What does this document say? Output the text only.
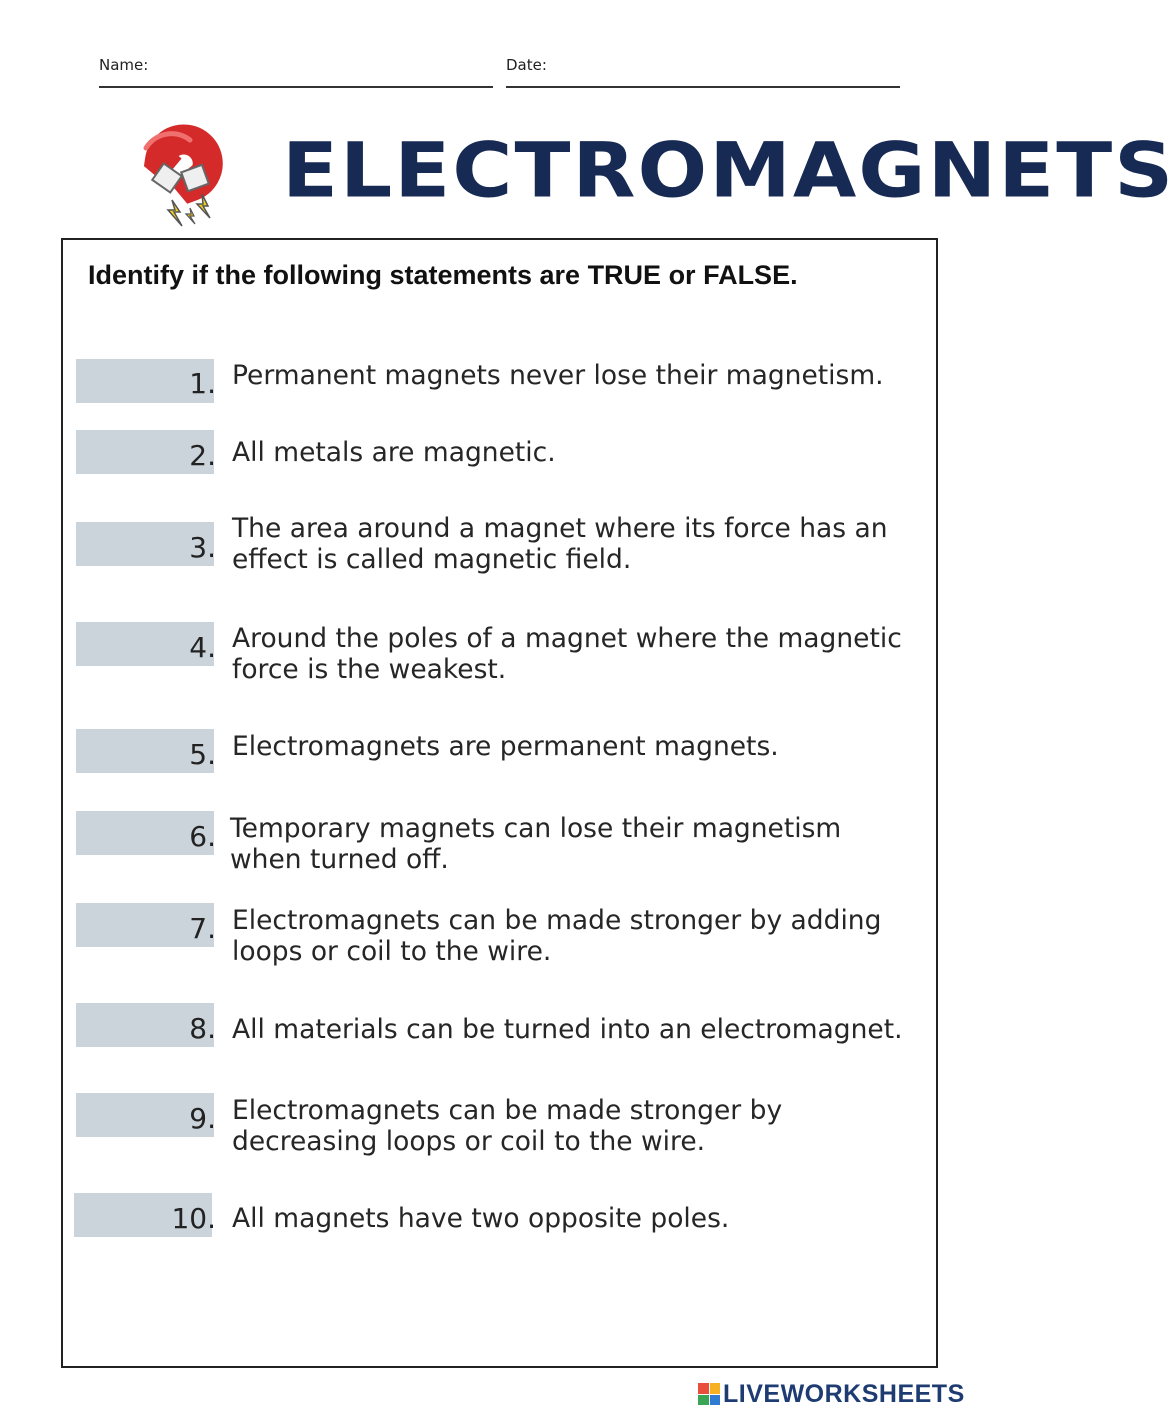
Name:	Date:
ELECTROMAGNETS
Identify if the following statements are TRUE or FALSE.
1. Permanent magnets never lose their magnetism.
2. All metals are magnetic.
3.
The area around a magnet where its force has an effect is called magnetic field.
4. Around the poles of a magnet where the magnetic force is the weakest.
5. Electromagnets are permanent magnets.
6. Temporary magnets can lose their magnetism when turned off.
7. Electromagnets can be made stronger by adding loops or coil to the wire.
8. All materials can be turned into an electromagnet.
9. Electromagnets can be made stronger by decreasing loops or coil to the wire.
10. All magnets have two opposite poles.
LIVEWORKSHEETS
